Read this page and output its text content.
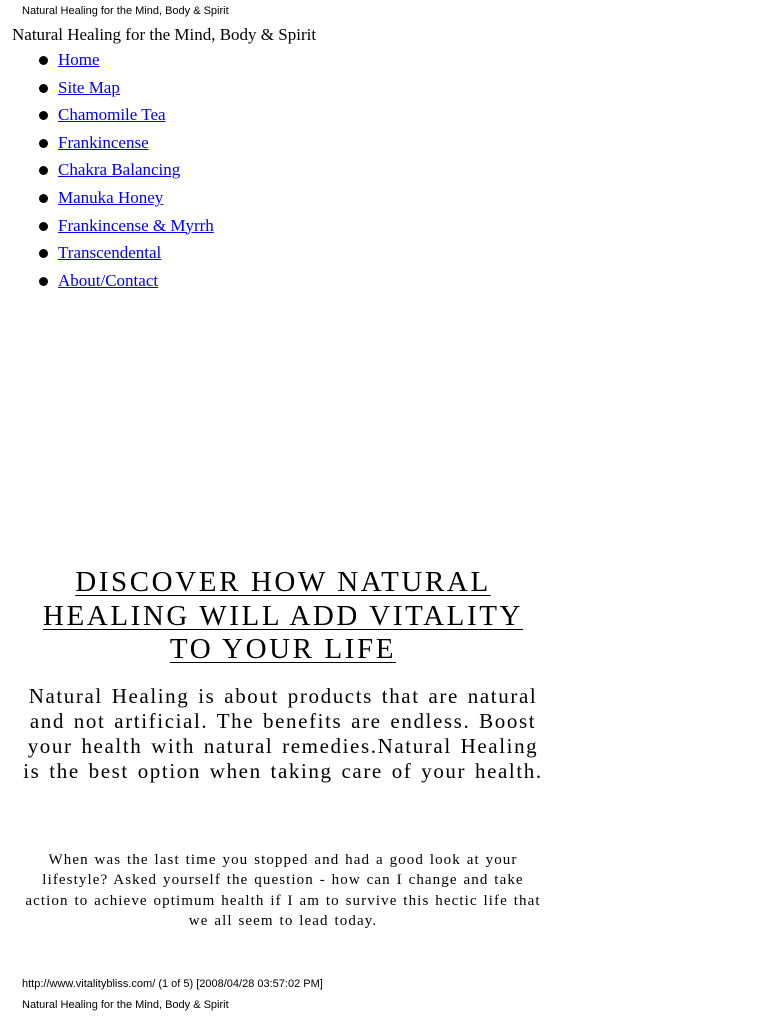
Natural Healing for the Mind, Body & Spirit
Natural Healing for the Mind, Body & Spirit
Home
Site Map
Chamomile Tea
Frankincense
Chakra Balancing
Manuka Honey
Frankincense & Myrrh
Transcendental
About/Contact
DISCOVER HOW NATURAL
HEALING WILL ADD VITALITY
TO YOUR LIFE

Natural Healing is about products that are natural and not artificial. The benefits are endless. Boost your health with natural remedies.Natural Healing is the best option when taking care of your health.

When was the last time you stopped and had a good look at your lifestyle? Asked yourself the question - how can I change and take action to achieve optimum health if I am to survive this hectic life that we all seem to lead today.

http://www.vitalitybliss.com/ (1 of 5) [2008/04/28 03:57:02 PM]
Natural Healing for the Mind, Body & Spirit
